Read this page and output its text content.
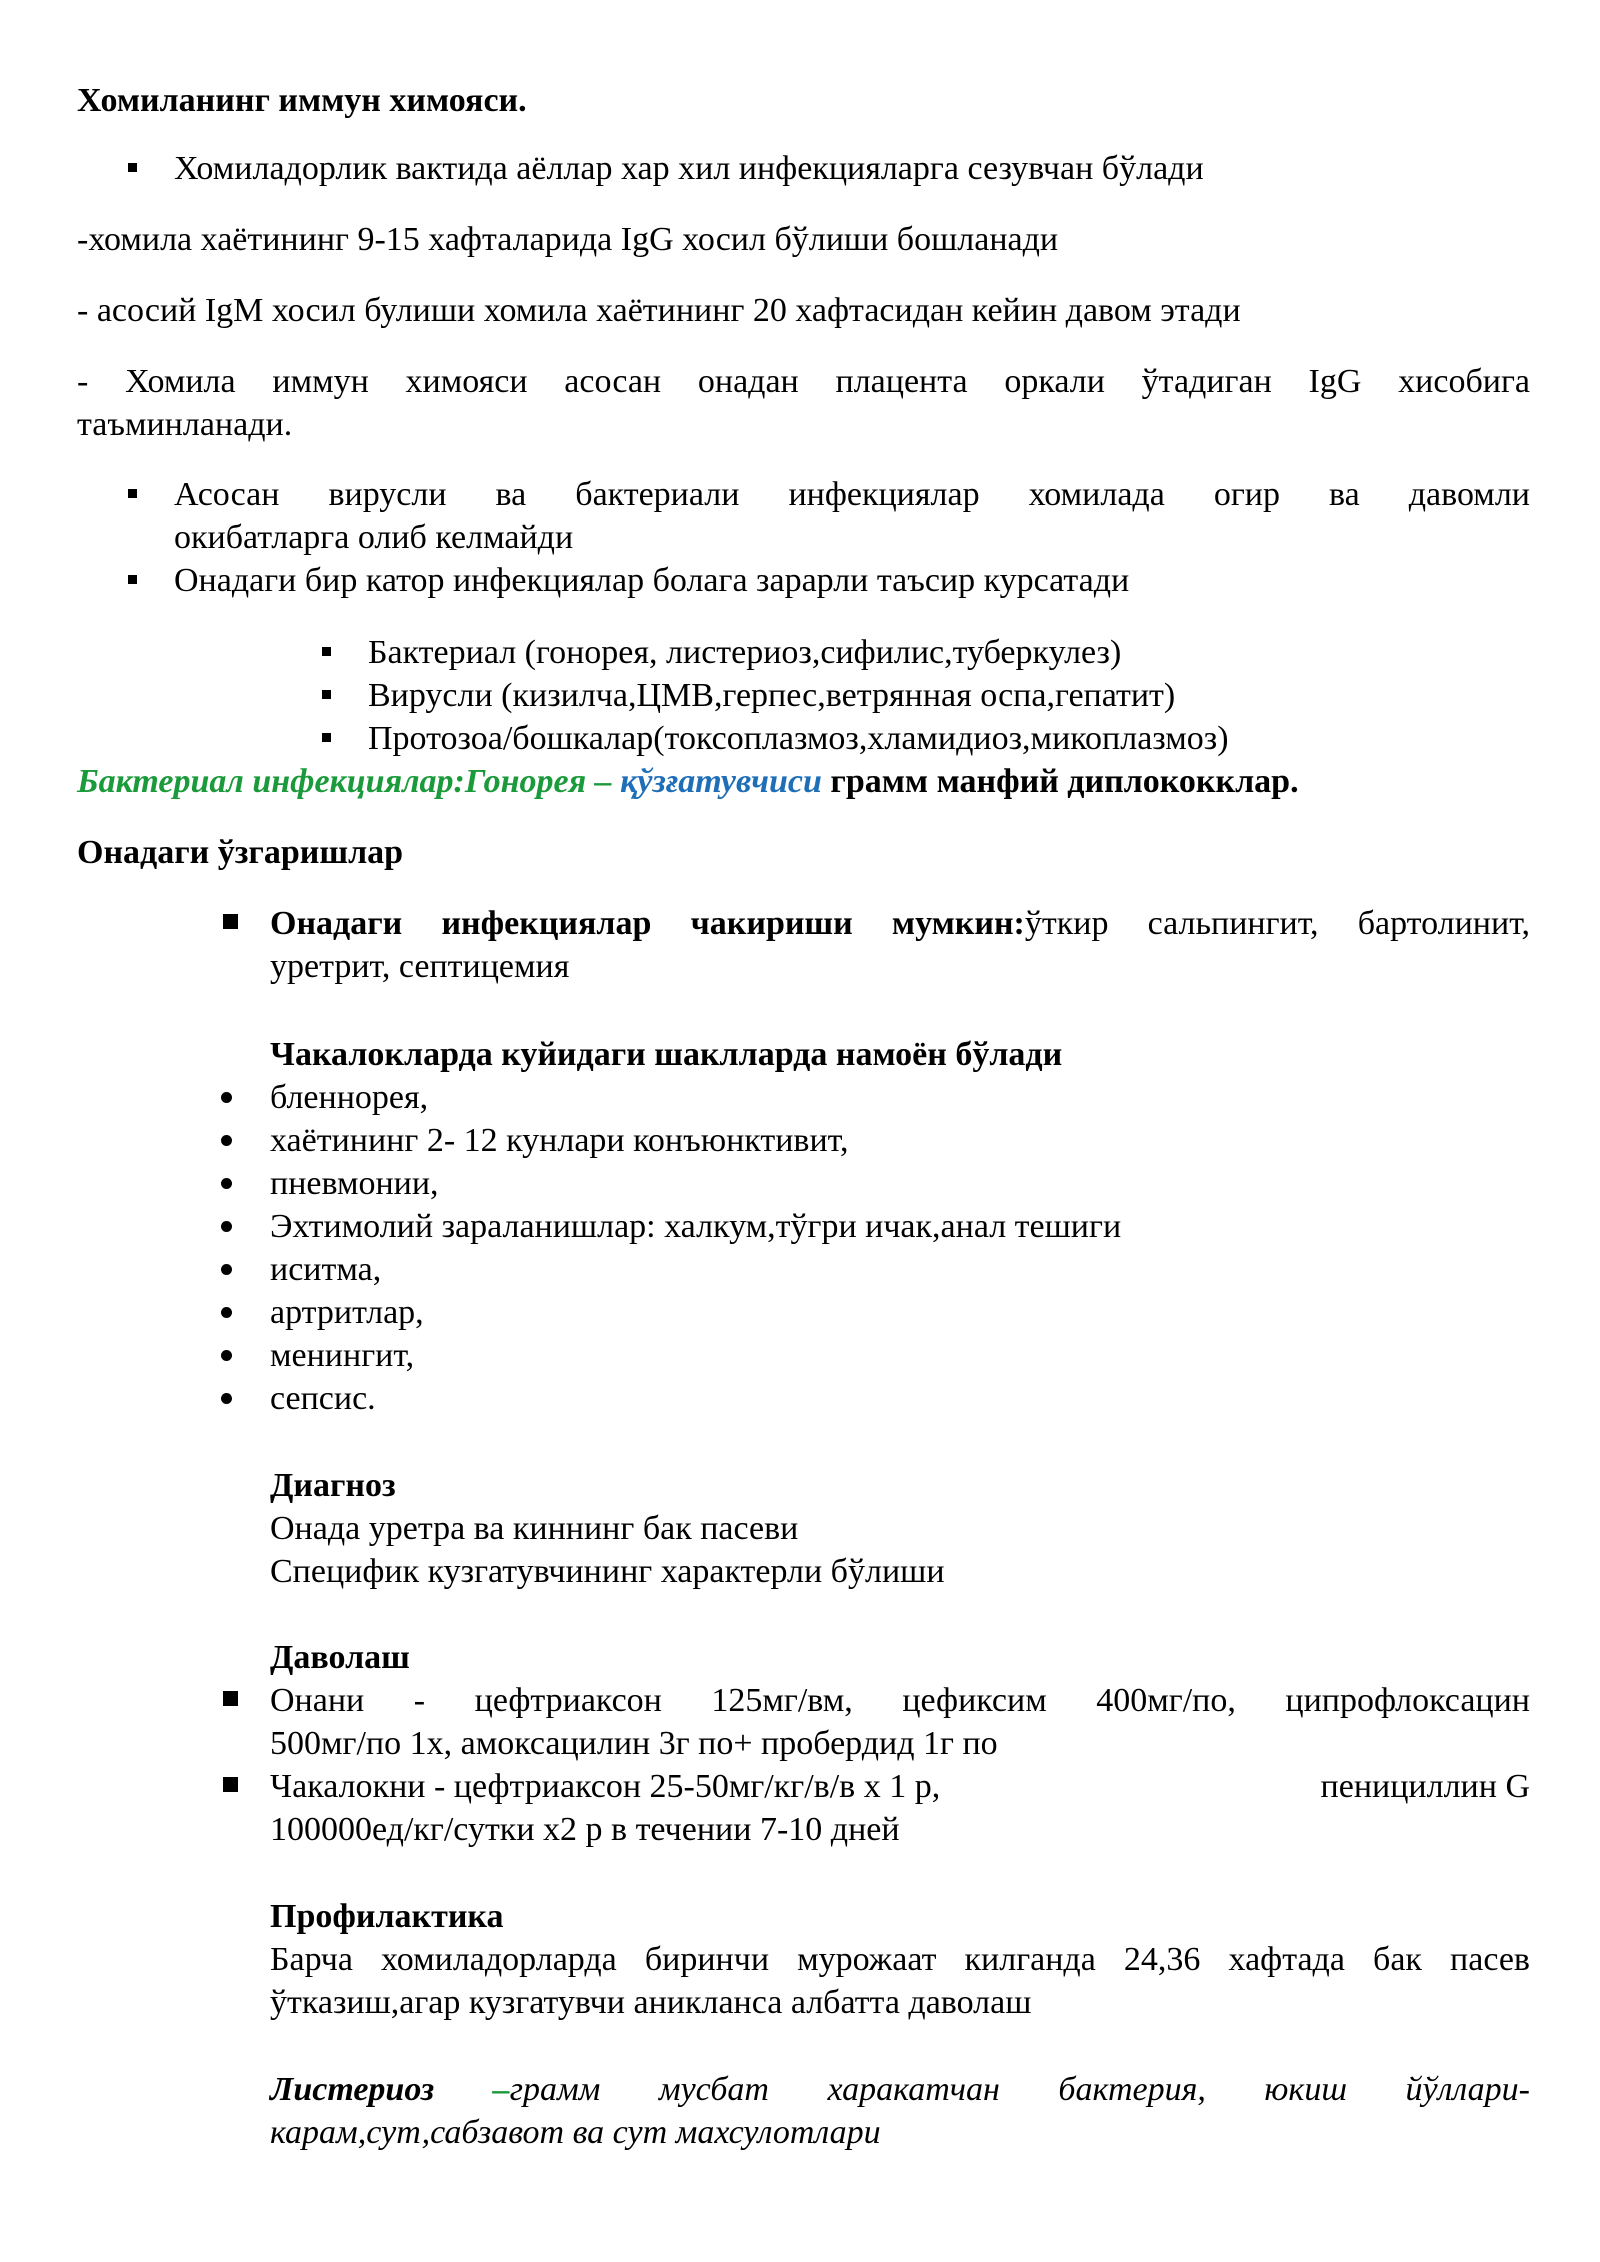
Хомиланинг иммун химояси.
Хомиладорлик вактида аёллар хар хил инфекцияларга сезувчан бўлади
-хомила хаётининг 9-15 хафталарида IgG хосил бўлиши бошланади
- асосий IgM хосил булиши хомила хаётининг 20 хафтасидан кейин давом этади
- Хомила иммун химояси асосан онадан плацента оркали ўтадиган IgG хисобига
таъминланади.
Асосан вирусли ва бактериали инфекциялар хомилада огир ва давомли
окибатларга олиб келмайди
Онадаги бир катор инфекциялар болага зарарли таъсир курсатади
Бактериал (гонорея, листериоз,сифилис,туберкулез)
Вирусли (кизилча,ЦМВ,герпес,ветрянная оспа,гепатит)
Протозоа/бошкалар(токсоплазмоз,хламидиоз,микоплазмоз)
Бактериал инфекциялар:Гонорея – қўзғатувчиси грамм манфий диплококклар.
Онадаги ўзгаришлар
Онадаги инфекциялар чакириши мумкин:ўткир сальпингит, бартолинит,
уретрит, септицемия
Чакалокларда куйидаги шаклларда намоён бўлади
бленнорея,
хаётининг 2- 12 кунлари конъюнктивит,
пневмонии,
Эхтимолий зараланишлар: халкум,тўгри ичак,анал тешиги
иситма,
артритлар,
менингит,
сепсис.
Диагноз
Онада уретра ва киннинг бак пасеви
Специфик кузгатувчининг характерли бўлиши
Даволаш
Онани - цефтриаксон 125мг/вм, цефиксим 400мг/по, ципрофлоксацин
500мг/по 1х, амоксацилин 3г по+ пробердид 1г по
Чакалокни - цефтриаксон 25-50мг/кг/в/в х 1 р,	пенициллин G
100000ед/кг/сутки х2 р в течении 7-10 дней
Профилактика
Барча хомиладорларда биринчи мурожаат килганда 24,36 хафтада бак пасев
ўтказиш,агар кузгатувчи аникланса албатта даволаш
Листериоз –грамм мусбат харакатчан бактерия, юкиш йўллари-
карам,сут,сабзавот ва сут махсулотлари
